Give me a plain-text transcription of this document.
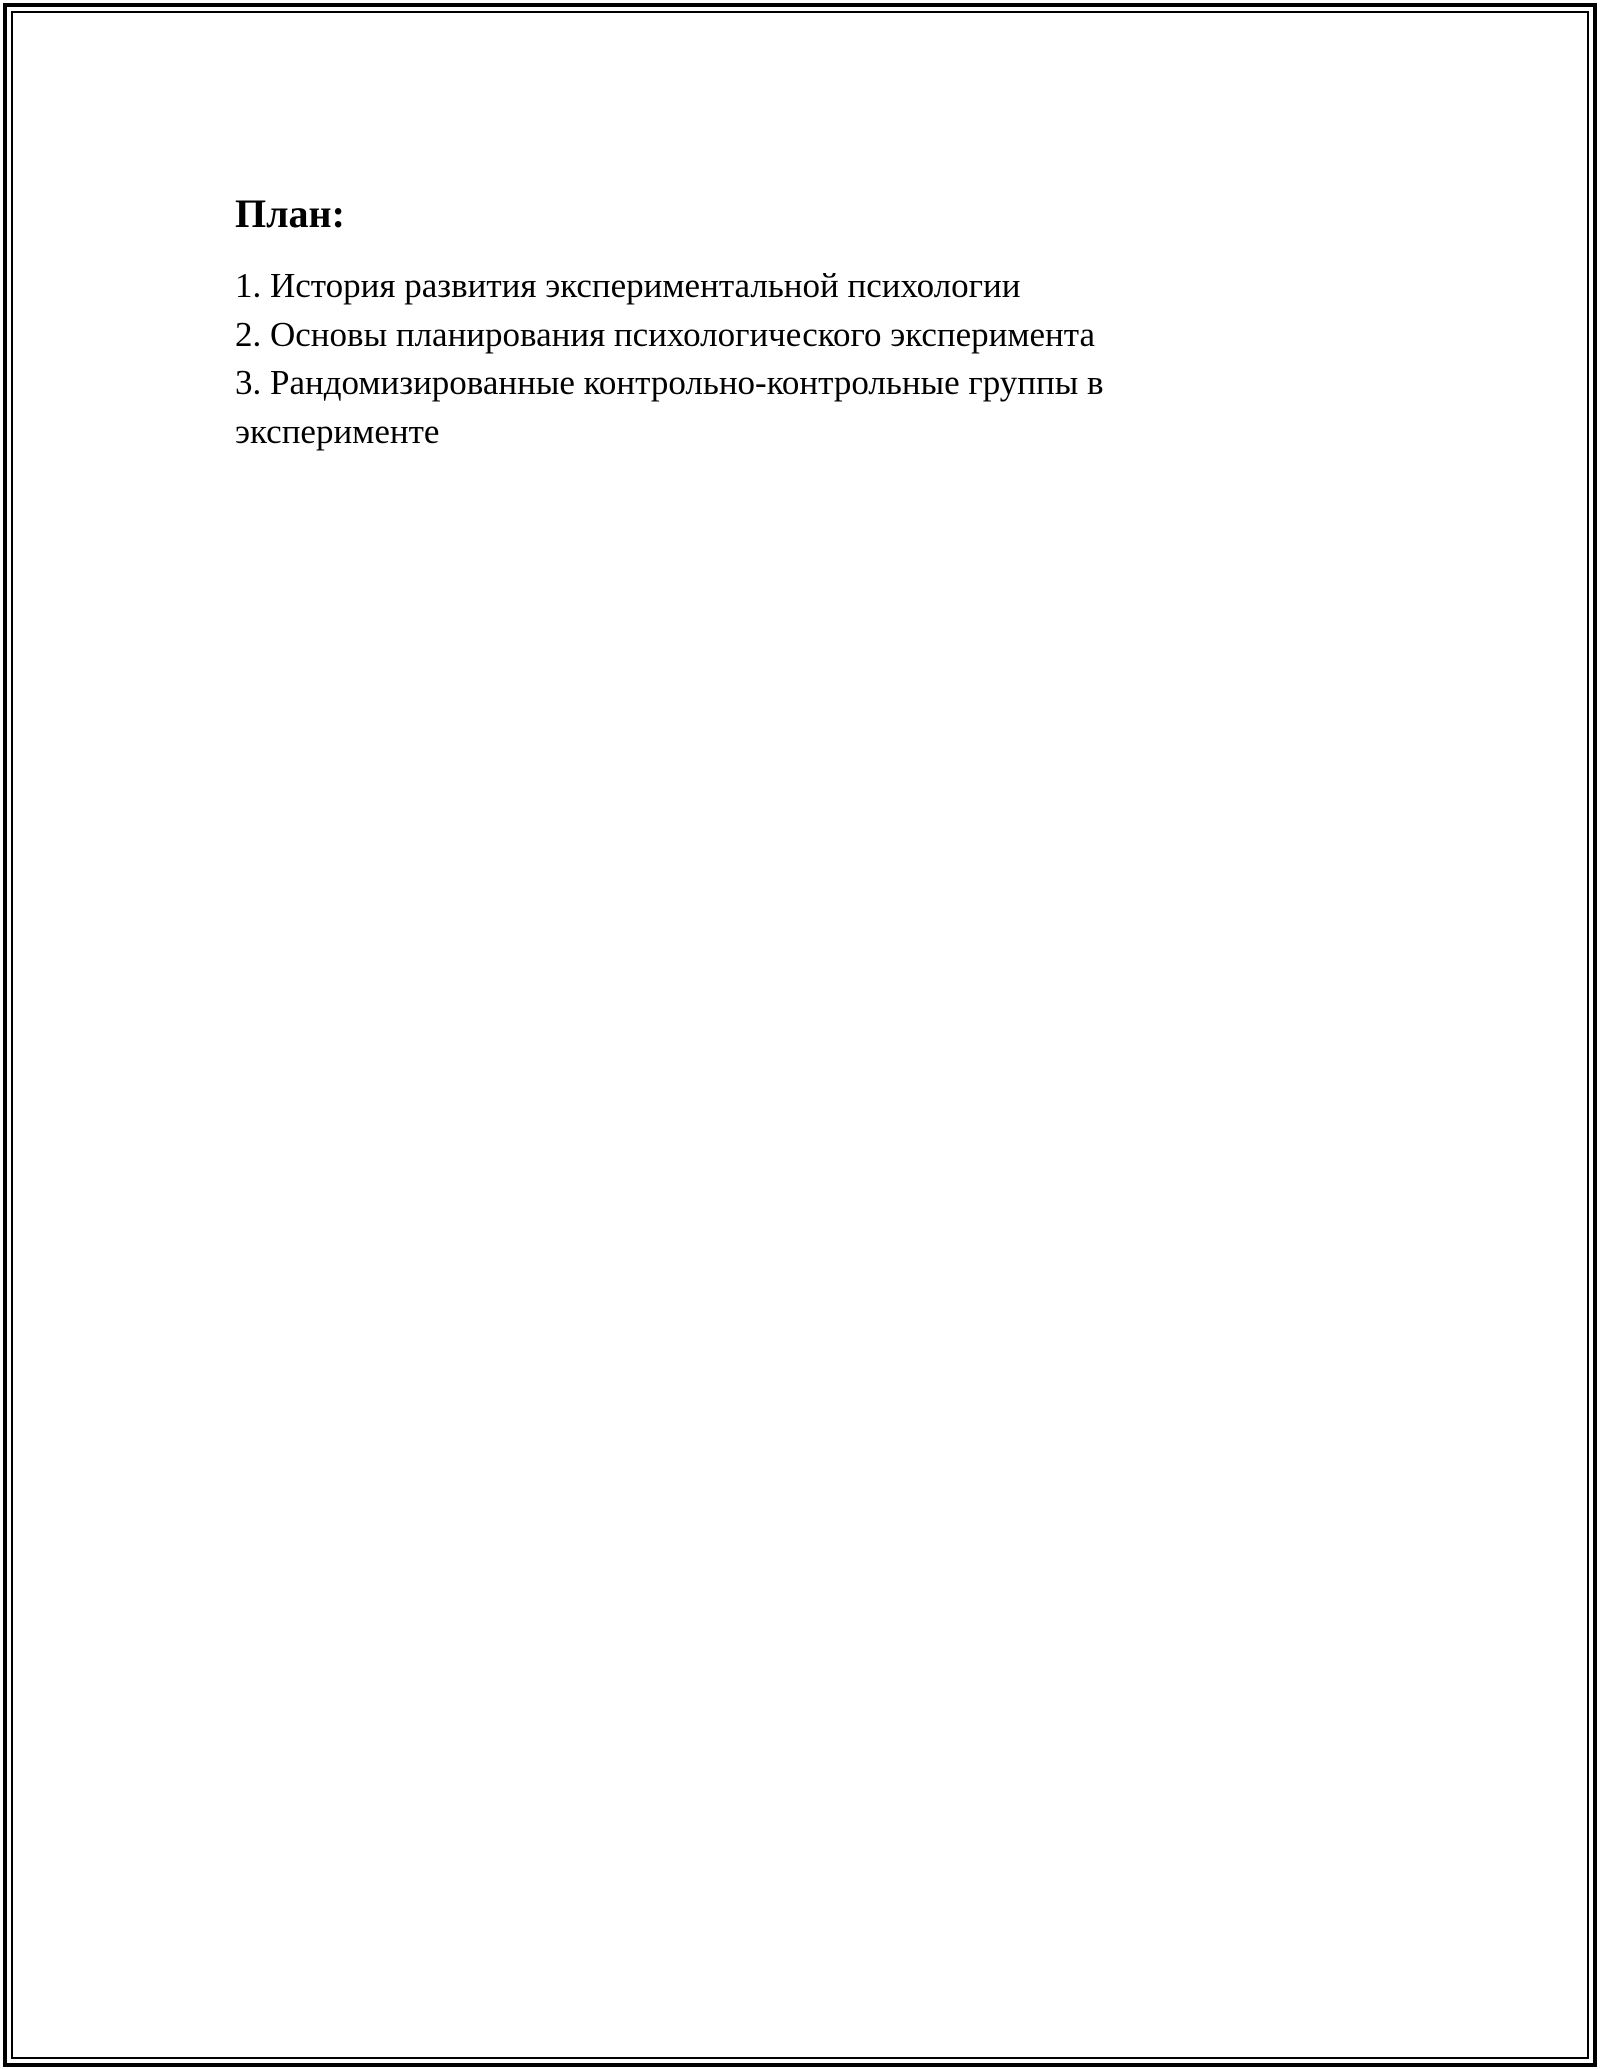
План:
1. История развития экспериментальной психологии
2. Основы планирования психологического эксперимента
3. Рандомизированные контрольно-контрольные группы в эксперименте
